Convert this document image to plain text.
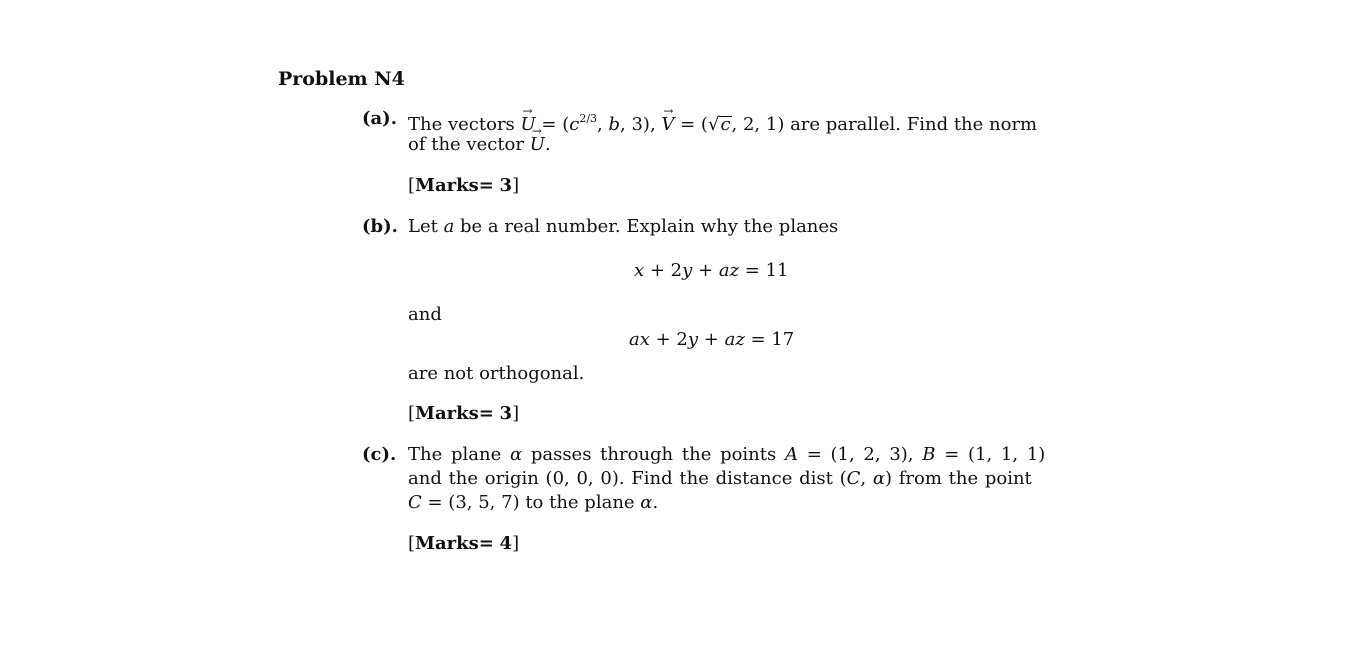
Problem N4
(a). The vectors → $U = (c^{2/3}$, b, 3), → V = (√c, 2, 1) are parallel. Find the norm
of the vector → U.
[Marks= 3]
(b). Let a be a real number. Explain why the planes
x + 2y + az = 11
and
ax + 2y + az = 17
are not orthogonal.
[Marks= 3]
(c). The plane α passes through the points A = (1, 2, 3), B = (1, 1, 1)
and the origin (0, 0, 0). Find the distance dist (C, α) from the point
C = (3, 5, 7) to the plane α.
[Marks= 4]
